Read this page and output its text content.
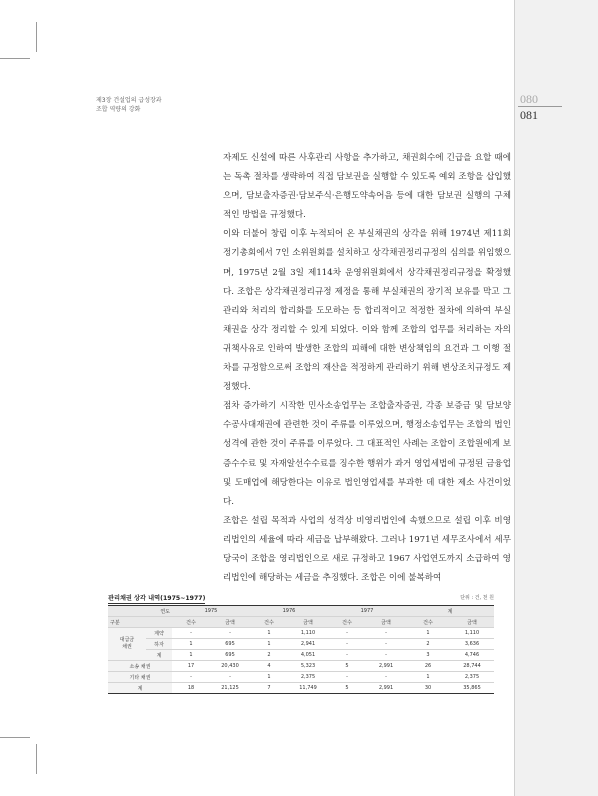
제3장 건설업의 급성장과
조합 역량의 강화
080
081

자제도 신설에 따른 사후관리 사항을 추가하고, 채권회수에 긴급을 요할 때에는 독촉 절차를 생략하여 직접 담보권을 실행할 수 있도록 예외 조항을 삽입했으며, 담보출자증권·담보주식·은행도약속어음 등에 대한 담보권 실행의 구체적인 방법을 규정했다.

이와 더불어 창립 이후 누적되어 온 부실채권의 상각을 위해 1974년 제11회 정기총회에서 7인 소위원회를 설치하고 상각채권정리규정의 심의를 위임했으며, 1975년 2월 3일 제114차 운영위원회에서 상각채권정리규정을 확정했다. 조합은 상각채권정리규정 제정을 통해 부실채권의 장기적 보유를 막고 그 관리와 처리의 합리화를 도모하는 등 합리적이고 적정한 절차에 의하여 부실채권을 상각 정리할 수 있게 되었다. 이와 함께 조합의 업무를 처리하는 자의 귀책사유로 인하여 발생한 조합의 피해에 대한 변상책임의 요건과 그 이행 절차를 규정함으로써 조합의 재산을 적정하게 관리하기 위해 변상조치규정도 제정했다.

점차 증가하기 시작한 민사소송업무는 조합출자증권, 각종 보증금 및 담보양수공사대재권에 관련한 것이 주류를 이루었으며, 행정소송업무는 조합의 법인 성격에 관한 것이 주류를 이루었다. 그 대표적인 사례는 조합이 조합원에게 보증수수료 및 자재알선수수료를 징수한 행위가 과거 영업세법에 규정된 금융업 및 도매업에 해당한다는 이유로 법인영업세를 부과한 데 대한 제소 사건이었다.

조합은 설립 목적과 사업의 성격상 비영리법인에 속했으므로 설립 이후 비영리법인의 세율에 따라 세금을 납부해왔다. 그러나 1971년 세무조사에서 세무당국이 조합을 영리법인으로 새로 규정하고 1967 사업연도까지 소급하여 영리법인에 해당하는 세금을 추징했다. 조합은 이에 불복하여

관리채권 상각 내역(1975~1977)	단위 : 건, 천 원
연도		1975		1976		1977		계	
구분		건수	금액	건수	금액	건수	금액	건수	금액
대급금
채권	계약	-	-	1	1,110	-	-	1	1,110
	하자	1	695	1	2,941	-	-	2	3,636
	계	1	695	2	4,051	-	-	3	4,746
소송 채권		17	20,430	4	5,323	5	2,991	26	28,744
기타 채권		-	-	1	2,375	-	-	1	2,375
계		18	21,125	7	11,749	5	2,991	30	35,865
